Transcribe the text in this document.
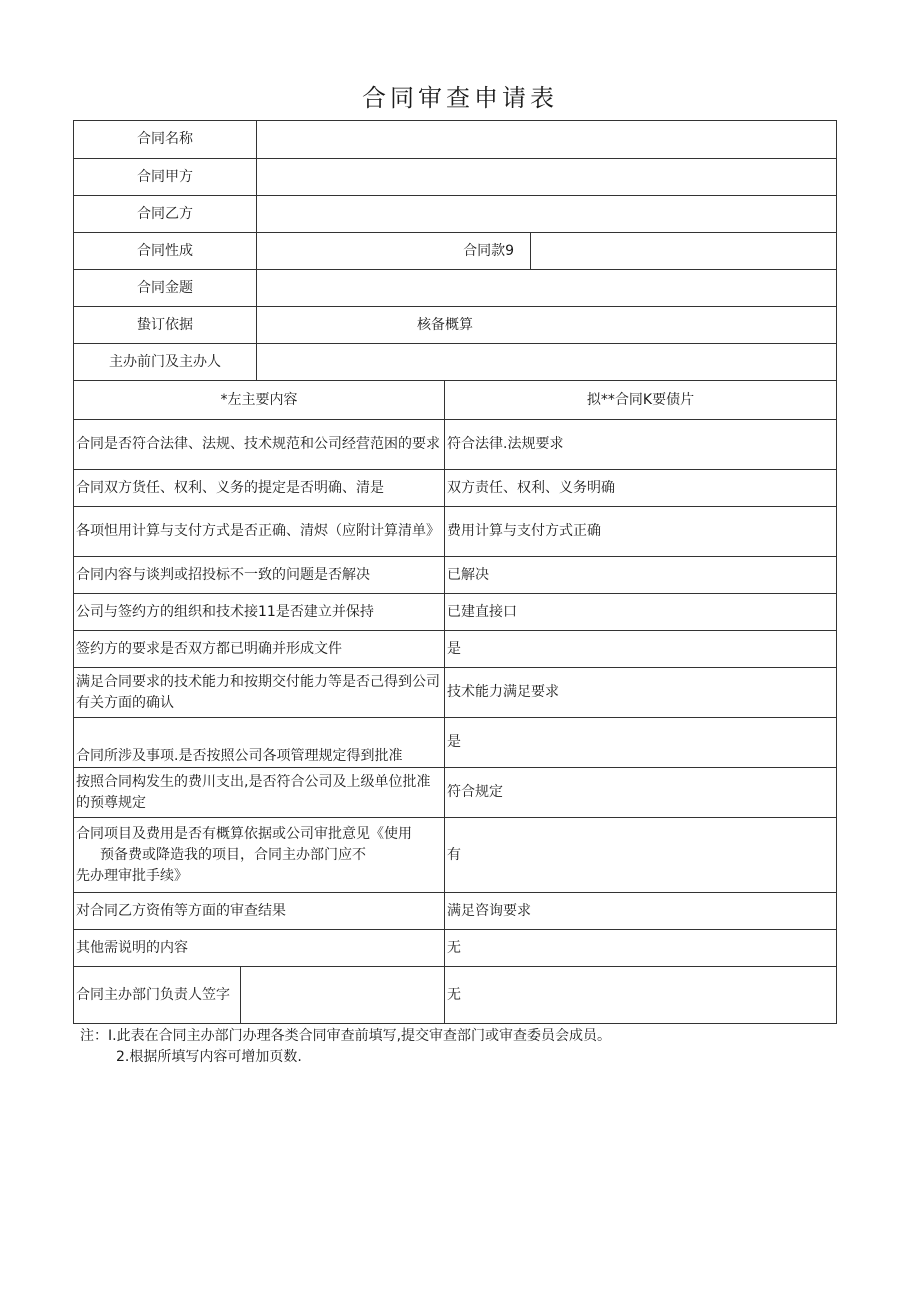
合同审查申请表
合同名称		
合同甲方		
合同乙方		
合同性成	合同款9	
合同金题		
蛰订依据	核备概算	
主办前门及主办人		
*左主要内容		拟**合同K要债片
合同是否符合法律、法规、技术规范和公司经营范困的要求		符合法律.法规要求
合同双方货任、权利、义务的提定是否明确、清是		双方责任、权利、义务明确
各项怛用计算与支付方式是否正确、清烬（应附计算清单》		费用计算与支付方式正确
合同内容与谈判或招投标不一致的问题是否解决		已解决
公司与签约方的组织和技术接11是否建立并保持		已建直接口
签约方的要求是否双方都已明确并形成文件		是
满足合同要求的技术能力和按期交付能力等是否己得到公司有关方面的确认		技术能力满足要求
合同所涉及事项.是否按照公司各项管理规定得到批准		是
按照合同构发生的费川支出,是否符合公司及上级单位批准的预尊规定		符合规定

合同项目及费用是否有概算依据或公司审批意见《使用
预备费或降造我的项目，合同主办部门应不
先办理审批手续》		有
对合同乙方资侑等方面的审查结果		满足咨询要求
其他需说明的内容		无
合同主办部门负责人笠字		无
注：I.此表在合同主办部门办理各类合同审查前填写,提交审查部门或审查委员会成员。
2.根据所填写内容可增加页数.
